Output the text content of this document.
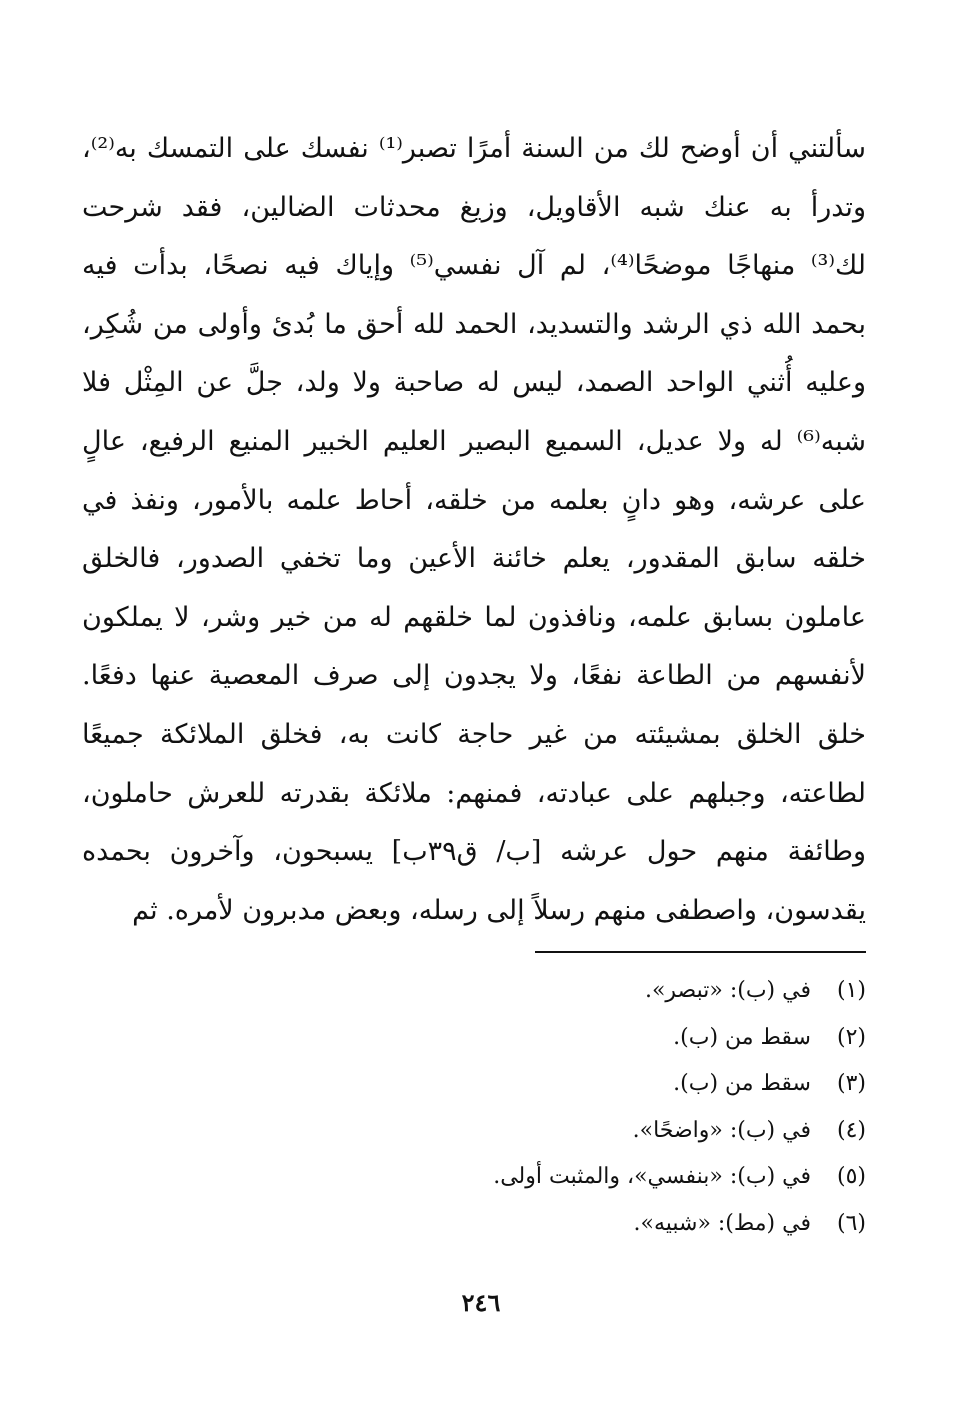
سألتني أن أوضح لك من السنة أمرًا تصبر⁽¹⁾ نفسك على التمسك به⁽²⁾،
وتدرأ به عنك شبه الأقاويل، وزيغ محدثات الضالين، فقد شرحت
لك⁽³⁾ منهاجًا موضحًا⁽⁴⁾، لم آل نفسي⁽⁵⁾ وإياك فيه نصحًا، بدأت فيه
بحمد الله ذي الرشد والتسديد، الحمد لله أحق ما بُدئ وأولى من شُكِر،
وعليه أُثني الواحد الصمد، ليس له صاحبة ولا ولد، جلَّ عن المِثْل فلا
شبه⁽⁶⁾ له ولا عديل، السميع البصير العليم الخبير المنيع الرفيع، عالٍ
على عرشه، وهو دانٍ بعلمه من خلقه، أحاط علمه بالأمور، ونفذ في
خلقه سابق المقدور، يعلم خائنة الأعين وما تخفي الصدور، فالخلق
عاملون بسابق علمه، ونافذون لما خلقهم له من خير وشر، لا يملكون
لأنفسهم من الطاعة نفعًا، ولا يجدون إلى صرف المعصية عنها دفعًا.
خلق الخلق بمشيئته من غير حاجة كانت به، فخلق الملائكة جميعًا
لطاعته، وجبلهم على عبادته، فمنهم: ملائكة بقدرته للعرش حاملون،
وطائفة منهم حول عرشه [ب/ ق٣٩ب] يسبحون، وآخرون بحمده
يقدسون، واصطفى منهم رسلاً إلى رسله، وبعض مدبرون لأمره. ثم
(١) في (ب): «تبصر».
(٢) سقط من (ب).
(٣) سقط من (ب).
(٤) في (ب): «واضحًا».
(٥) في (ب): «بنفسي»، والمثبت أولى.
(٦) في (مط): «شبيه».
٢٤٦
